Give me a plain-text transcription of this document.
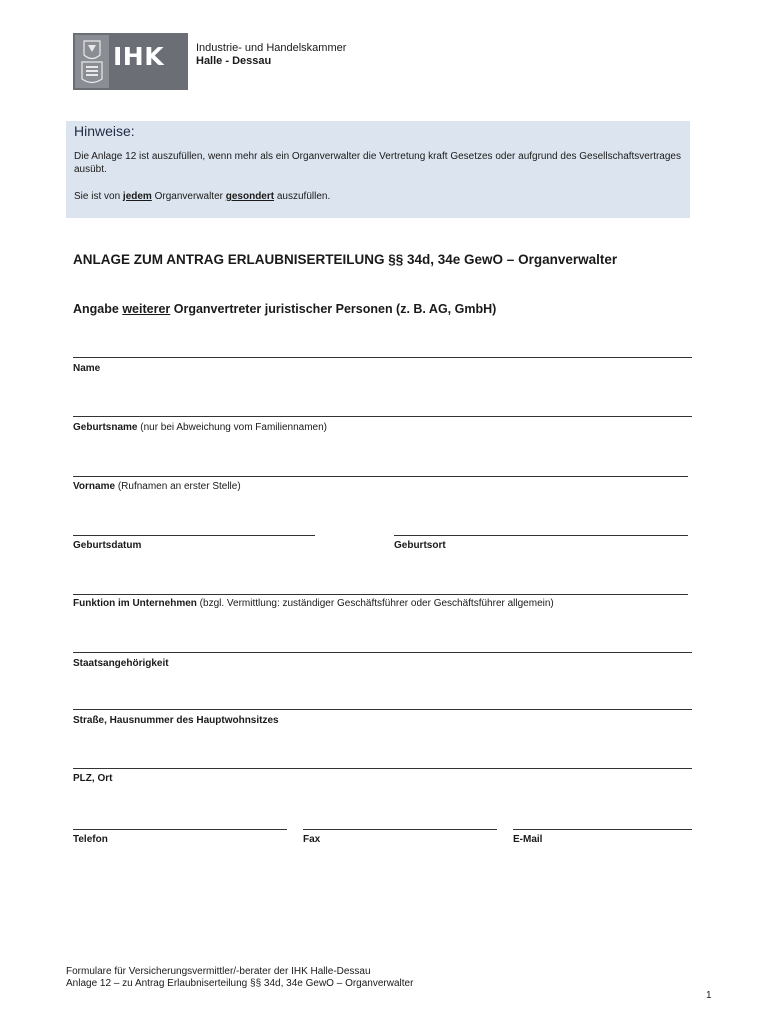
IHK	Industrie- und Handelskammer
Halle - Dessau
Hinweise:
Die Anlage 12 ist auszufüllen, wenn mehr als ein Organverwalter die Vertretung kraft Gesetzes oder aufgrund des Gesellschaftsvertrages ausübt.
Sie ist von jedem Organverwalter gesondert auszufüllen.
ANLAGE ZUM ANTRAG ERLAUBNISERTEILUNG §§ 34d, 34e GewO – Organverwalter
Angabe weiterer Organvertreter juristischer Personen (z. B. AG, GmbH)
Name
Geburtsname (nur bei Abweichung vom Familiennamen)
Vorname (Rufnamen an erster Stelle)
Geburtsdatum	Geburtsort
Funktion im Unternehmen (bzgl. Vermittlung: zuständiger Geschäftsführer oder Geschäftsführer allgemein)
Staatsangehörigkeit
Straße, Hausnummer des Hauptwohnsitzes
PLZ, Ort
Telefon	Fax	E-Mail
Formulare für Versicherungsvermittler/-berater der IHK Halle-Dessau
Anlage 12 – zu Antrag Erlaubniserteilung §§ 34d, 34e GewO – Organverwalter
1
